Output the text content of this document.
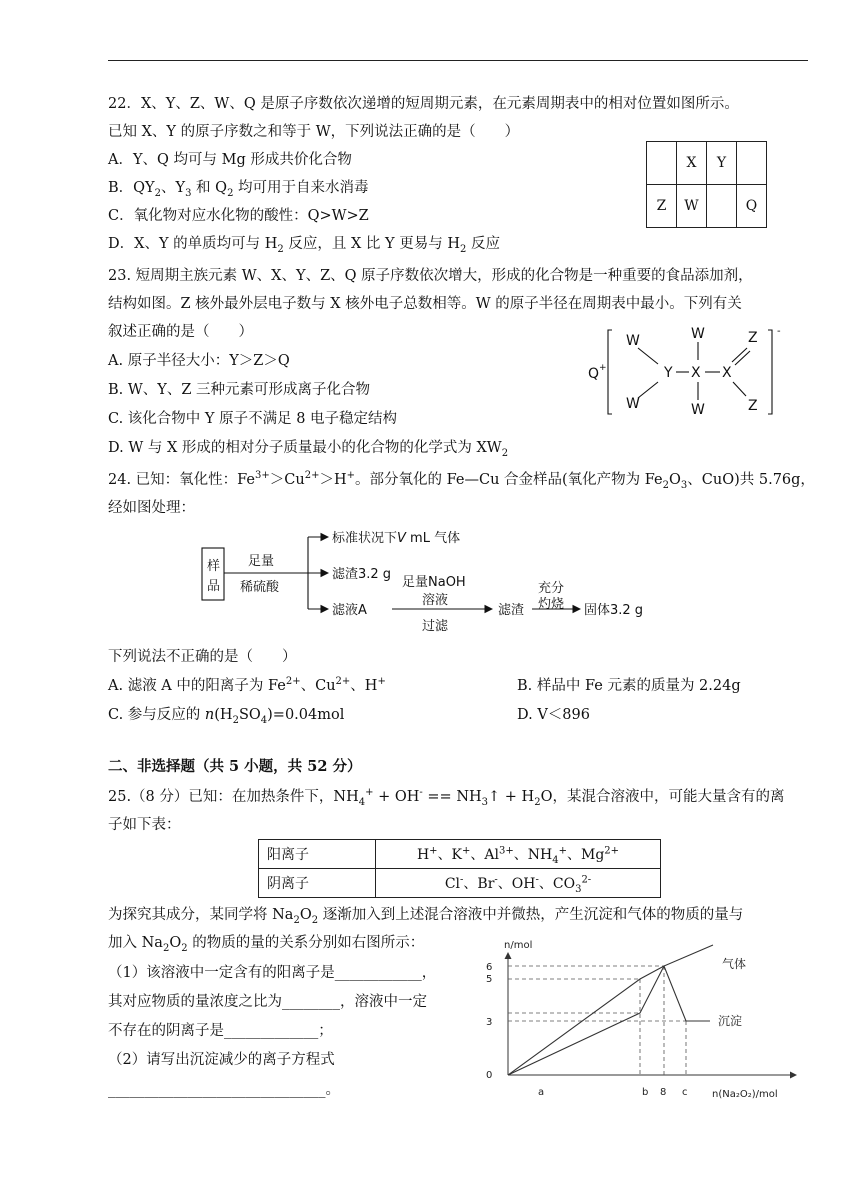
22．X、Y、Z、W、Q 是原子序数依次递增的短周期元素，在元素周期表中的相对位置如图所示。
已知 X、Y 的原子序数之和等于 W，下列说法正确的是（　　）
A．Y、Q 均可与 Mg 形成共价化合物
B．$QY_2$、$Y_3$ 和 $Q_2$ 均可用于自来水消毒
C．氧化物对应水化物的酸性：Q>W>Z
D．X、Y 的单质均可与 $H_2$ 反应，且 X 比 Y 更易与 $H_2$ 反应
	X	Y	
Z	W		Q
23. 短周期主族元素 W、X、Y、Z、Q 原子序数依次增大，形成的化合物是一种重要的食品添加剂，
结构如图。Z 核外最外层电子数与 X 核外电子总数相等。W 的原子半径在周期表中最小。下列有关
叙述正确的是（　　）
A. 原子半径大小：Y＞Z＞Q
B. W、Y、Z 三种元素可形成离子化合物
C. 该化合物中 Y 原子不满足 8 电子稳定结构
D. W 与 X 形成的相对分子质量最小的化合物的化学式为 $XW_2$
Q +
W
W
Y
W
X
W
X
Z
Z
-
24. 已知：氧化性：$Fe^{3+}>Cu^{2+}>H^+$。部分氧化的 Fe—Cu 合金样品(氧化产物为 $Fe_2O_3$、CuO)共 5.76g，
经如图处理：
样
品
足量
稀硫酸
标准状况下V mL 气体
滤渣3.2 g
滤液A
足量NaOH
溶液
过滤
滤渣
充分
灼烧 固体3.2 g
下列说法不正确的是（　　）
A. 滤液 A 中的阳离子为 $Fe^{2+}$、$Cu^{2+}$、H+	B. 样品中 Fe 元素的质量为 2.24g
C. 参与反应的 $n(H_2SO_4)=0.04mol$	D. V＜896
二、非选择题（共 5 小题，共 52 分）
25.（8 分）已知：在加热条件下，$NH_4^+ + OH^-$ == $NH_3↑ + H_2O$，某混合溶液中，可能大量含有的离
子如下表：
阳离子	H+、K+、$Al^{3+}$、$NH_4^+$、$Mg^{2+}$
阴离子	Cl-、Br-、OH-、$CO_3^{2-}$
为探究其成分，某同学将 $Na_2O_2$ 逐渐加入到上述混合溶液中并微热，产生沉淀和气体的物质的量与
加入 $Na_2O_2$ 的物质的量的关系分别如右图所示：
（1）该溶液中一定含有的阳离子是____________，
其对应物质的量浓度之比为________，溶液中一定
不存在的阴离子是_____________；
（2）请写出沉淀减少的离子方程式
______________________________。
n/mol
6
5
3
0
a	b 8 c n(Na₂O₂)/mol
气体
沉淀
